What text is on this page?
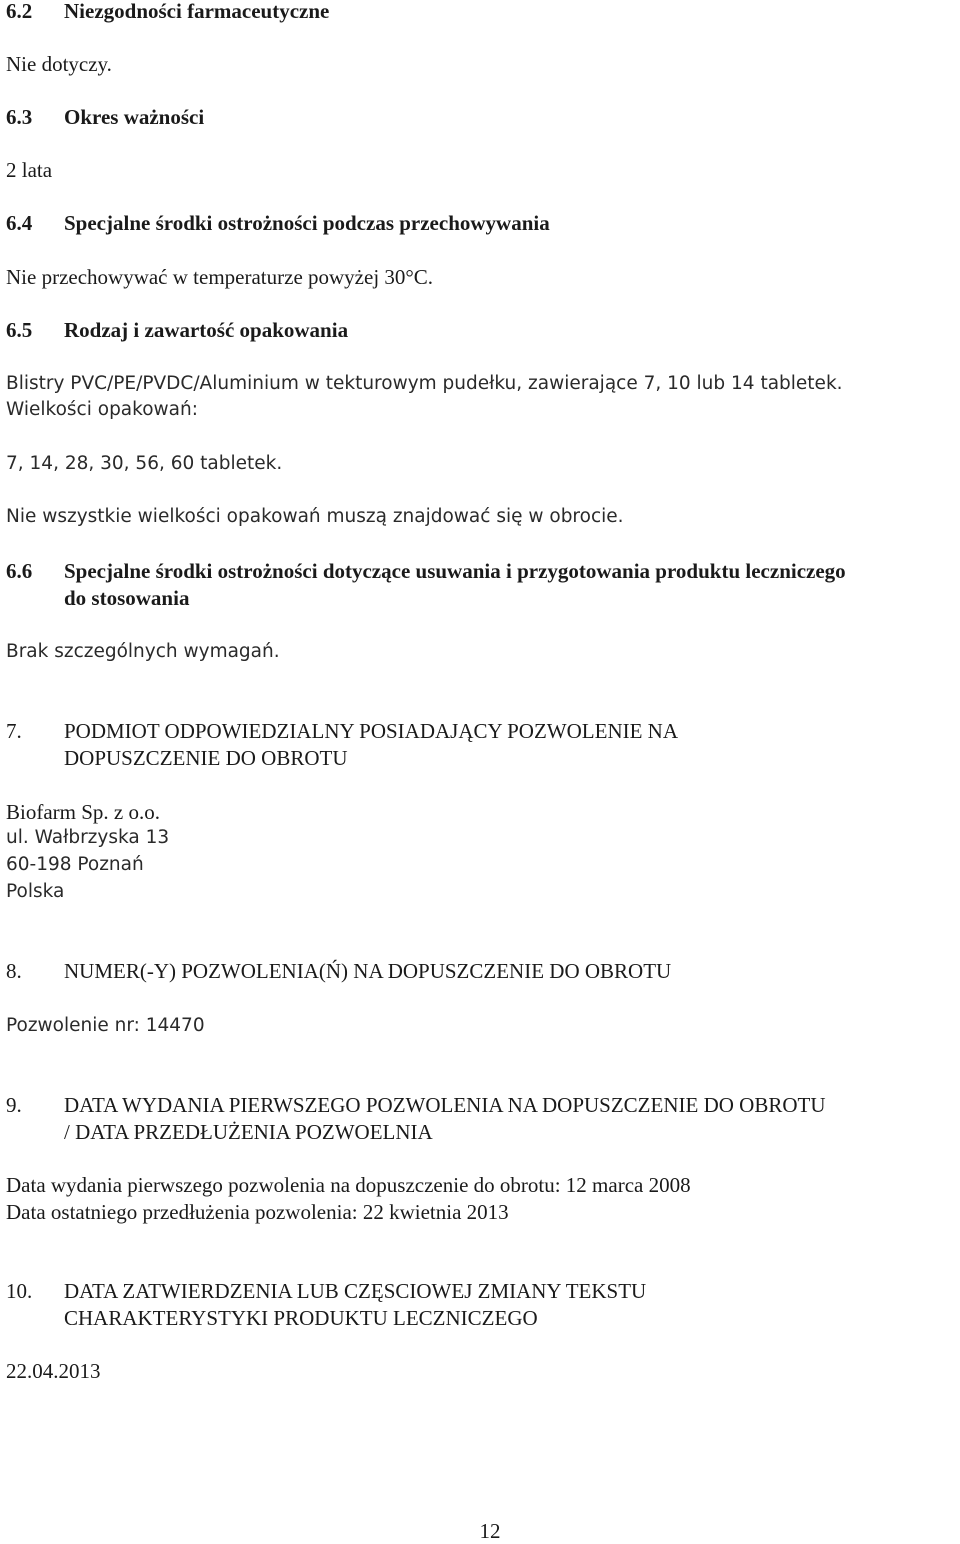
6.2 Niezgodności farmaceutyczne
Nie dotyczy.
6.3 Okres ważności
2 lata
6.4 Specjalne środki ostrożności podczas przechowywania
Nie przechowywać w temperaturze powyżej 30°C.
6.5 Rodzaj i zawartość opakowania
Blistry PVC/PE/PVDC/Aluminium w tekturowym pudełku, zawierające 7, 10 lub 14 tabletek.
Wielkości opakowań:
7, 14, 28, 30, 56, 60 tabletek.
Nie wszystkie wielkości opakowań muszą znajdować się w obrocie.
6.6 Specjalne środki ostrożności dotyczące usuwania i przygotowania produktu leczniczego
do stosowania
Brak szczególnych wymagań.
7. PODMIOT ODPOWIEDZIALNY POSIADAJĄCY POZWOLENIE NA
DOPUSZCZENIE DO OBROTU
Biofarm Sp. z o.o.
ul. Wałbrzyska 13
60-198 Poznań
Polska
8. NUMER(-Y) POZWOLENIA(Ń) NA DOPUSZCZENIE DO OBROTU
Pozwolenie nr: 14470
9. DATA WYDANIA PIERWSZEGO POZWOLENIA NA DOPUSZCZENIE DO OBROTU
/ DATA PRZEDŁUŻENIA POZWOELNIA
Data wydania pierwszego pozwolenia na dopuszczenie do obrotu: 12 marca 2008
Data ostatniego przedłużenia pozwolenia: 22 kwietnia 2013
10. DATA ZATWIERDZENIA LUB CZĘSCIOWEJ ZMIANY TEKSTU
CHARAKTERYSTYKI PRODUKTU LECZNICZEGO
22.04.2013
12
